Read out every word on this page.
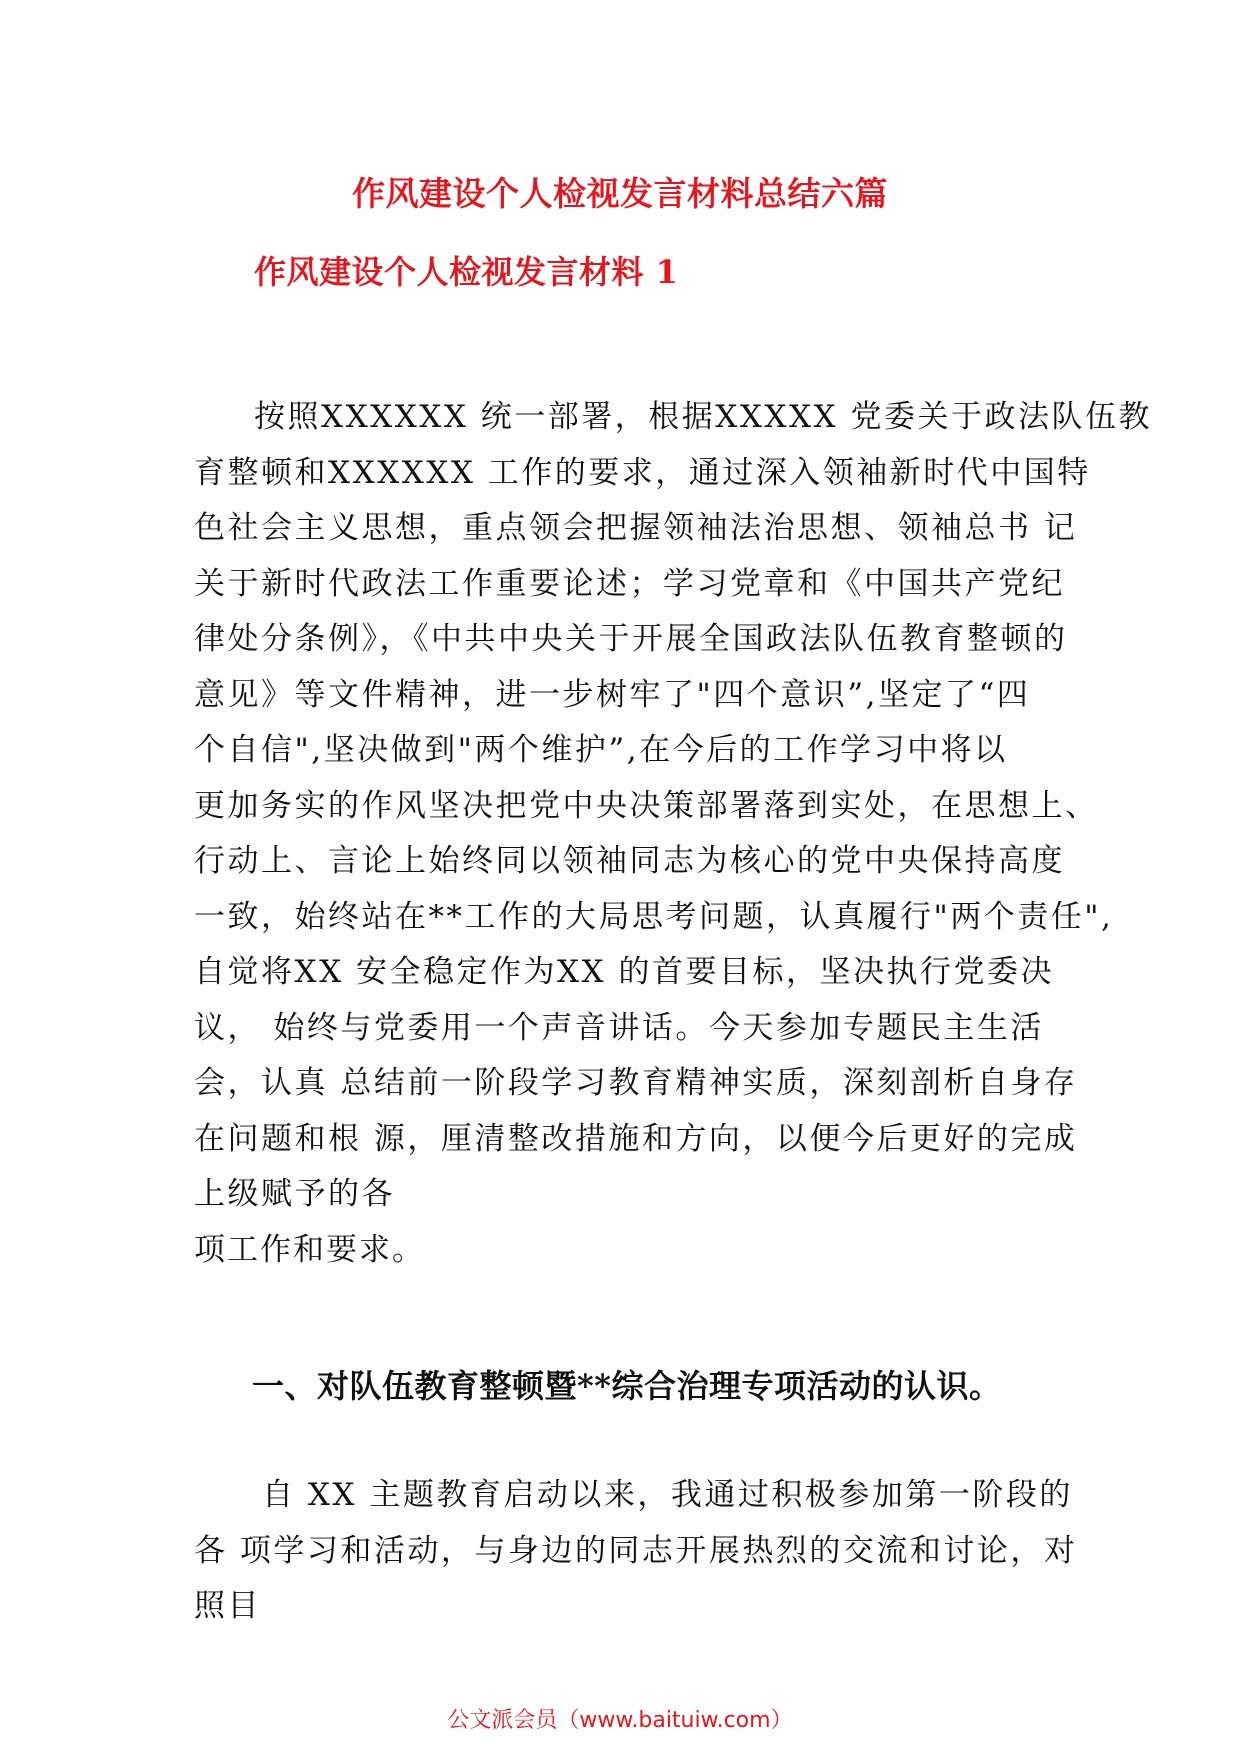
作风建设个人检视发言材料总结六篇
作风建设个人检视发言材料 1
按照XXXXXX 统一部署，根据XXXXX 党委关于政法队伍教
育整顿和XXXXXX 工作的要求，通过深入领袖新时代中国特
色社会主义思想，重点领会把握领袖法治思想、领袖总书 记
关于新时代政法工作重要论述；学习党章和《中国共产党纪
律处分条例》，《中共中央关于开展全国政法队伍教育整顿的
意见》等文件精神，进一步树牢了"四个意识”,坚定了“四
个自信",坚决做到"两个维护”,在今后的工作学习中将以
更加务实的作风坚决把党中央决策部署落到实处，在思想上、
行动上、言论上始终同以领袖同志为核心的党中央保持高度
一致，始终站在**工作的大局思考问题，认真履行"两个责任",
自觉将XX 安全稳定作为XX 的首要目标，坚决执行党委决
议， 始终与党委用一个声音讲话。今天参加专题民主生活
会，认真 总结前一阶段学习教育精神实质，深刻剖析自身存
在问题和根 源，厘清整改措施和方向，以便今后更好的完成
上级赋予的各
项工作和要求。
一、对队伍教育整顿暨**综合治理专项活动的认识。
自 XX 主题教育启动以来，我通过积极参加第一阶段的
各 项学习和活动，与身边的同志开展热烈的交流和讨论，对
照目
公文派会员（www.baituiw.com）
